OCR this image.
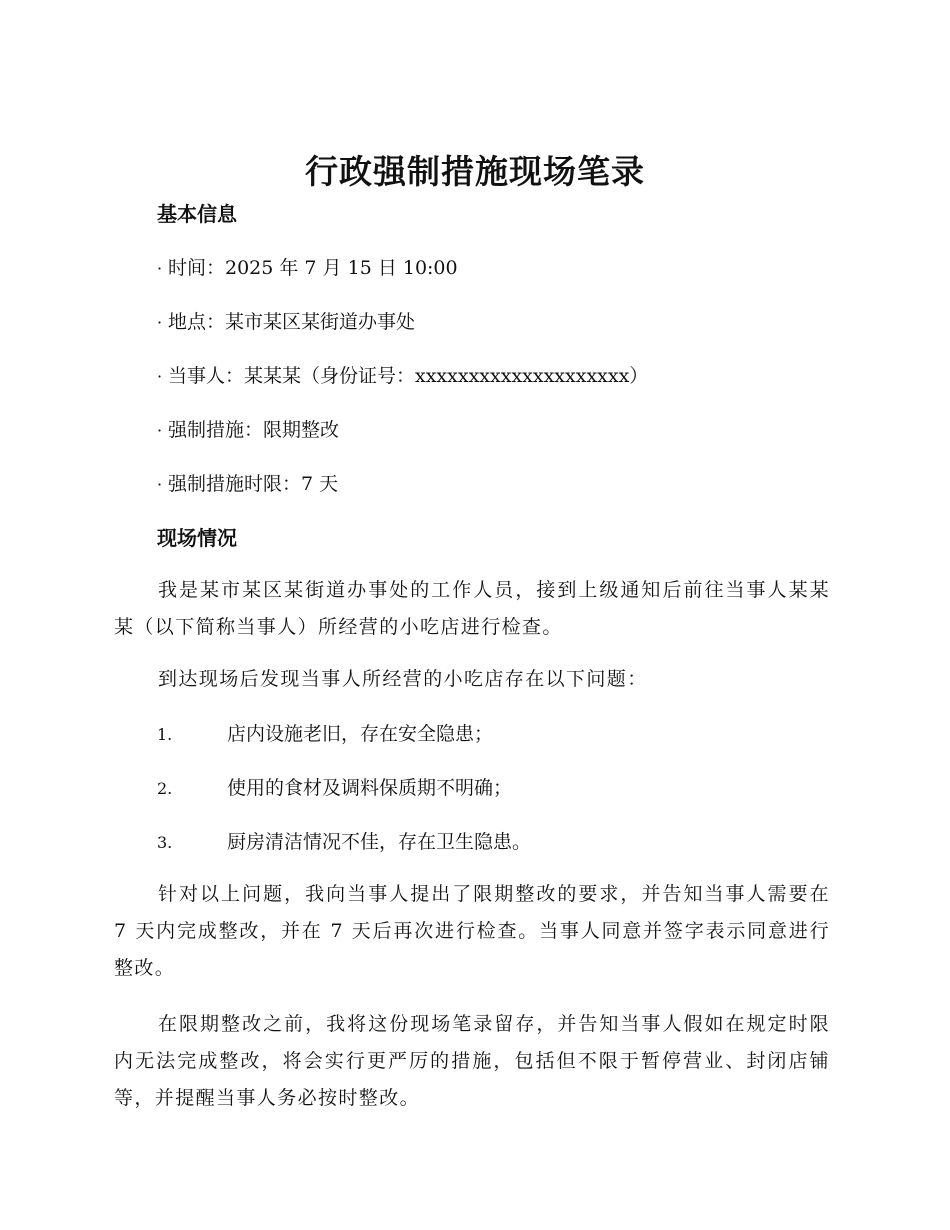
行政强制措施现场笔录
基本信息
· 时间：2025 年 7 月 15 日 10:00
· 地点：某市某区某街道办事处
· 当事人：某某某（身份证号：xxxxxxxxxxxxxxxxxxxx）
· 强制措施：限期整改
· 强制措施时限：7 天
现场情况

我是某市某区某街道办事处的工作人员，接到上级通知后前往当事人某某某（以下简称当事人）所经营的小吃店进行检查。

到达现场后发现当事人所经营的小吃店存在以下问题：

1.	店内设施老旧，存在安全隐患；
2.	使用的食材及调料保质期不明确；
3.	厨房清洁情况不佳，存在卫生隐患。

针对以上问题，我向当事人提出了限期整改的要求，并告知当事人需要在 7 天内完成整改，并在 7 天后再次进行检查。当事人同意并签字表示同意进行整改。

在限期整改之前，我将这份现场笔录留存，并告知当事人假如在规定时限内无法完成整改，将会实行更严厉的措施，包括但不限于暂停营业、封闭店铺等，并提醒当事人务必按时整改。
